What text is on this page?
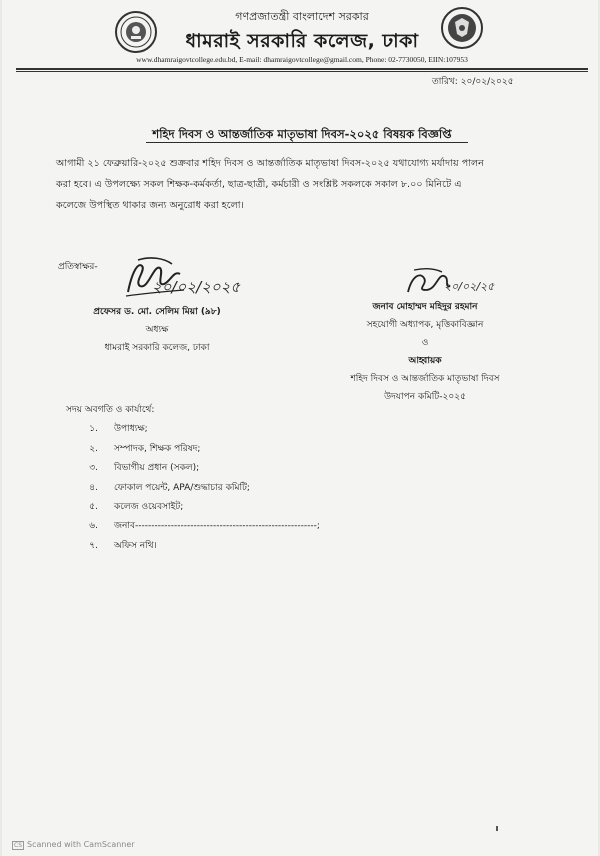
গণপ্রজাতন্ত্রী বাংলাদেশ সরকার
ধামরাই সরকারি কলেজ, ঢাকা
www.dhamraigovtcollege.edu.bd, E-mail: dhamraigovtcollege@gmail.com, Phone: 02-7730050, EIIN:107953
তারিখ: ২০/০২/২০২৫
শহিদ দিবস ও আন্তর্জাতিক মাতৃভাষা দিবস-২০২৫ বিষয়ক বিজ্ঞপ্তি
আগামী ২১ ফেব্রুয়ারি-২০২৫ শুক্রবার শহিদ দিবস ও আন্তর্জাতিক মাতৃভাষা দিবস-২০২৫ যথাযোগ্য মর্যাদায় পালন
করা হবে। এ উপলক্ষ্যে সকল শিক্ষক-কর্মকর্তা, ছাত্র-ছাত্রী, কর্মচারী ও সংশ্লিষ্ট সকলকে সকাল ৮.০০ মিনিটে এ
কলেজে উপস্থিত থাকার জন্য অনুরোধ করা হলো।
প্রতিস্বাক্ষর-
২০/০২/২০২৫
প্রফেসর ড. মো. সেলিম মিয়া (৯৮)
অধ্যক্ষ
ধামরাই সরকারি কলেজ, ঢাকা
২০/০২/২৫
জনাব মোহাম্মদ মহিদুর রহমান
সহযোগী অধ্যাপক, মৃত্তিকাবিজ্ঞান
ও
আহ্বায়ক
শহিদ দিবস ও আন্তর্জাতিক মাতৃভাষা দিবস
উদযাপন কমিটি-২০২৫
সদয় অবগতি ও কার্যার্থে:
১.	উপাধ্যক্ষ;
২.	সম্পাদক, শিক্ষক পরিষদ;
৩.	বিভাগীয় প্রধান (সকল);
৪.	ফোকাল পয়েন্ট, APA/শুদ্ধাচার কমিটি;
৫.	কলেজ ওয়েবসাইট;
৬.	জনাব--------------------------------------------------------;
৭.	অফিস নথি।
CS Scanned with CamScanner
